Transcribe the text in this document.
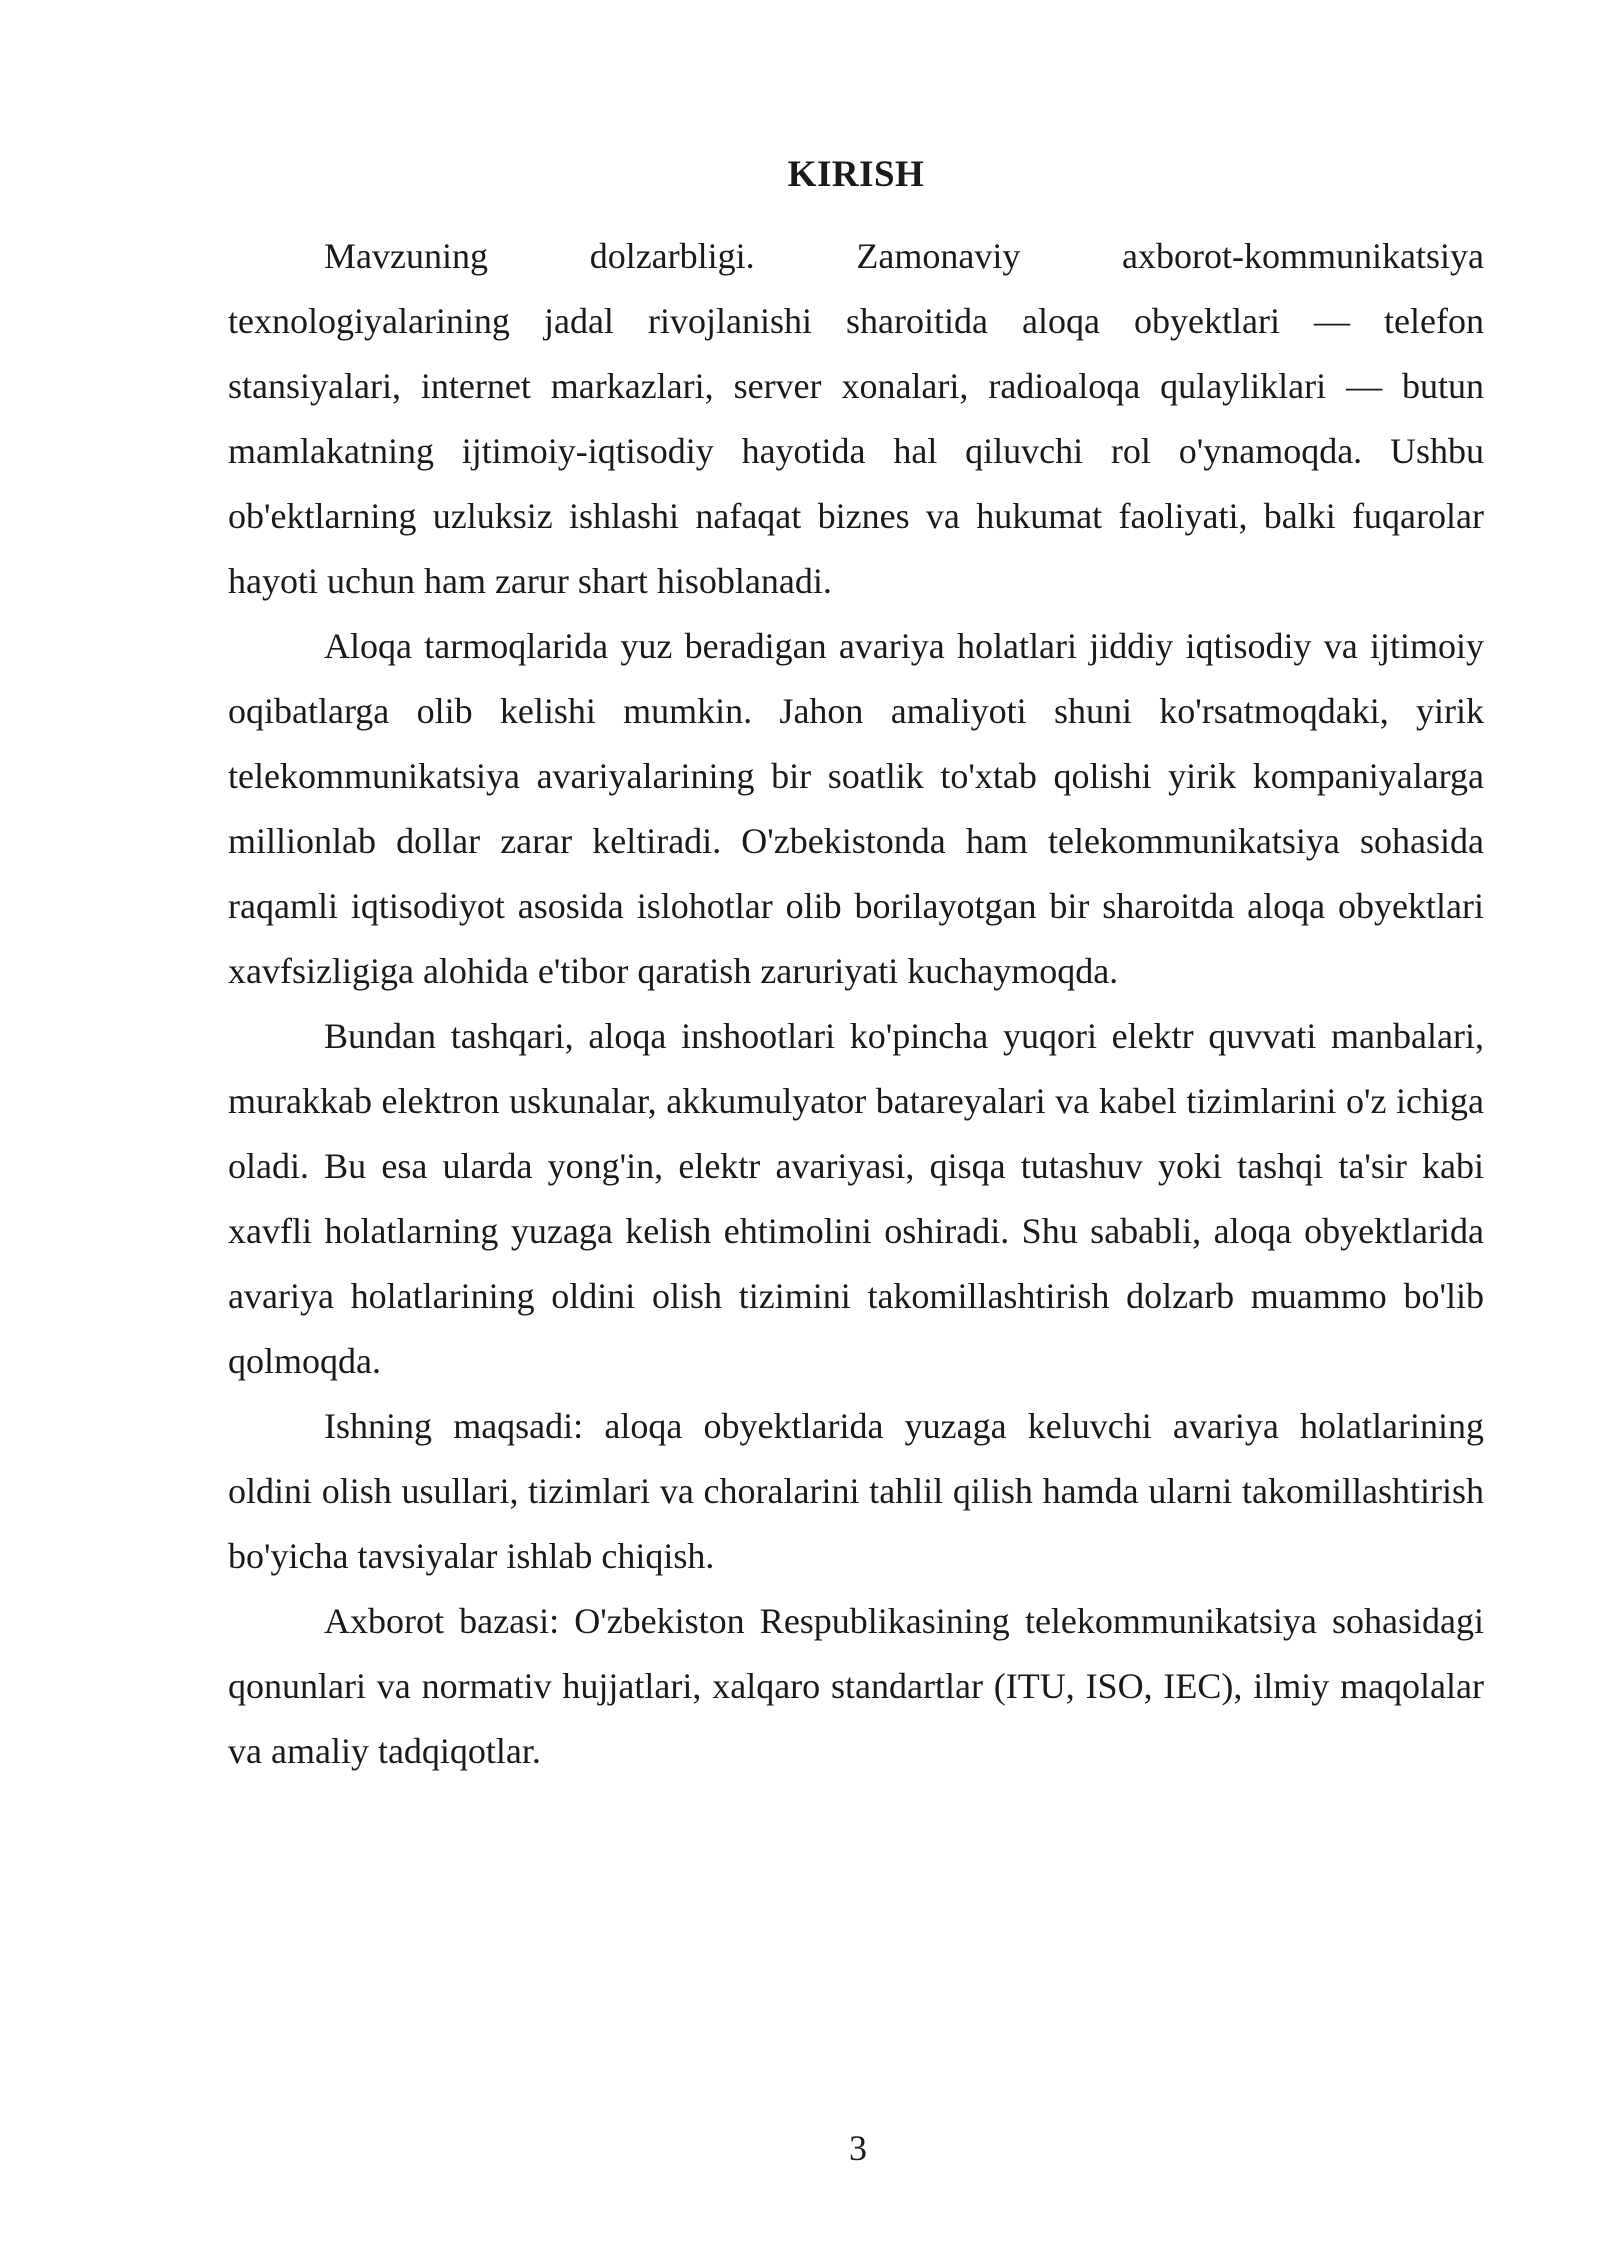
KIRISH

Mavzuning dolzarbligi. Zamonaviy axborot-kommunikatsiya texnologiyalarining jadal rivojlanishi sharoitida aloqa obyektlari — telefon stansiyalari, internet markazlari, server xonalari, radioaloqa qulayliklari — butun mamlakatning ijtimoiy-iqtisodiy hayotida hal qiluvchi rol o'ynamoqda. Ushbu ob'ektlarning uzluksiz ishlashi nafaqat biznes va hukumat faoliyati, balki fuqarolar hayoti uchun ham zarur shart hisoblanadi.

Aloqa tarmoqlarida yuz beradigan avariya holatlari jiddiy iqtisodiy va ijtimoiy oqibatlarga olib kelishi mumkin. Jahon amaliyoti shuni ko'rsatmoqdaki, yirik telekommunikatsiya avariyalarining bir soatlik to'xtab qolishi yirik kompaniyalarga millionlab dollar zarar keltiradi. O'zbekistonda ham telekommunikatsiya sohasida raqamli iqtisodiyot asosida islohotlar olib borilayotgan bir sharoitda aloqa obyektlari xavfsizligiga alohida e'tibor qaratish zaruriyati kuchaymoqda.

Bundan tashqari, aloqa inshootlari ko'pincha yuqori elektr quvvati manbalari, murakkab elektron uskunalar, akkumulyator batareyalari va kabel tizimlarini o'z ichiga oladi. Bu esa ularda yong'in, elektr avariyasi, qisqa tutashuv yoki tashqi ta'sir kabi xavfli holatlarning yuzaga kelish ehtimolini oshiradi. Shu sababli, aloqa obyektlarida avariya holatlarining oldini olish tizimini takomillashtirish dolzarb muammo bo'lib qolmoqda.

Ishning maqsadi: aloqa obyektlarida yuzaga keluvchi avariya holatlarining oldini olish usullari, tizimlari va choralarini tahlil qilish hamda ularni takomillashtirish bo'yicha tavsiyalar ishlab chiqish.

Axborot bazasi: O'zbekiston Respublikasining telekommunikatsiya sohasidagi qonunlari va normativ hujjatlari, xalqaro standartlar (ITU, ISO, IEC), ilmiy maqolalar va amaliy tadqiqotlar.

3
